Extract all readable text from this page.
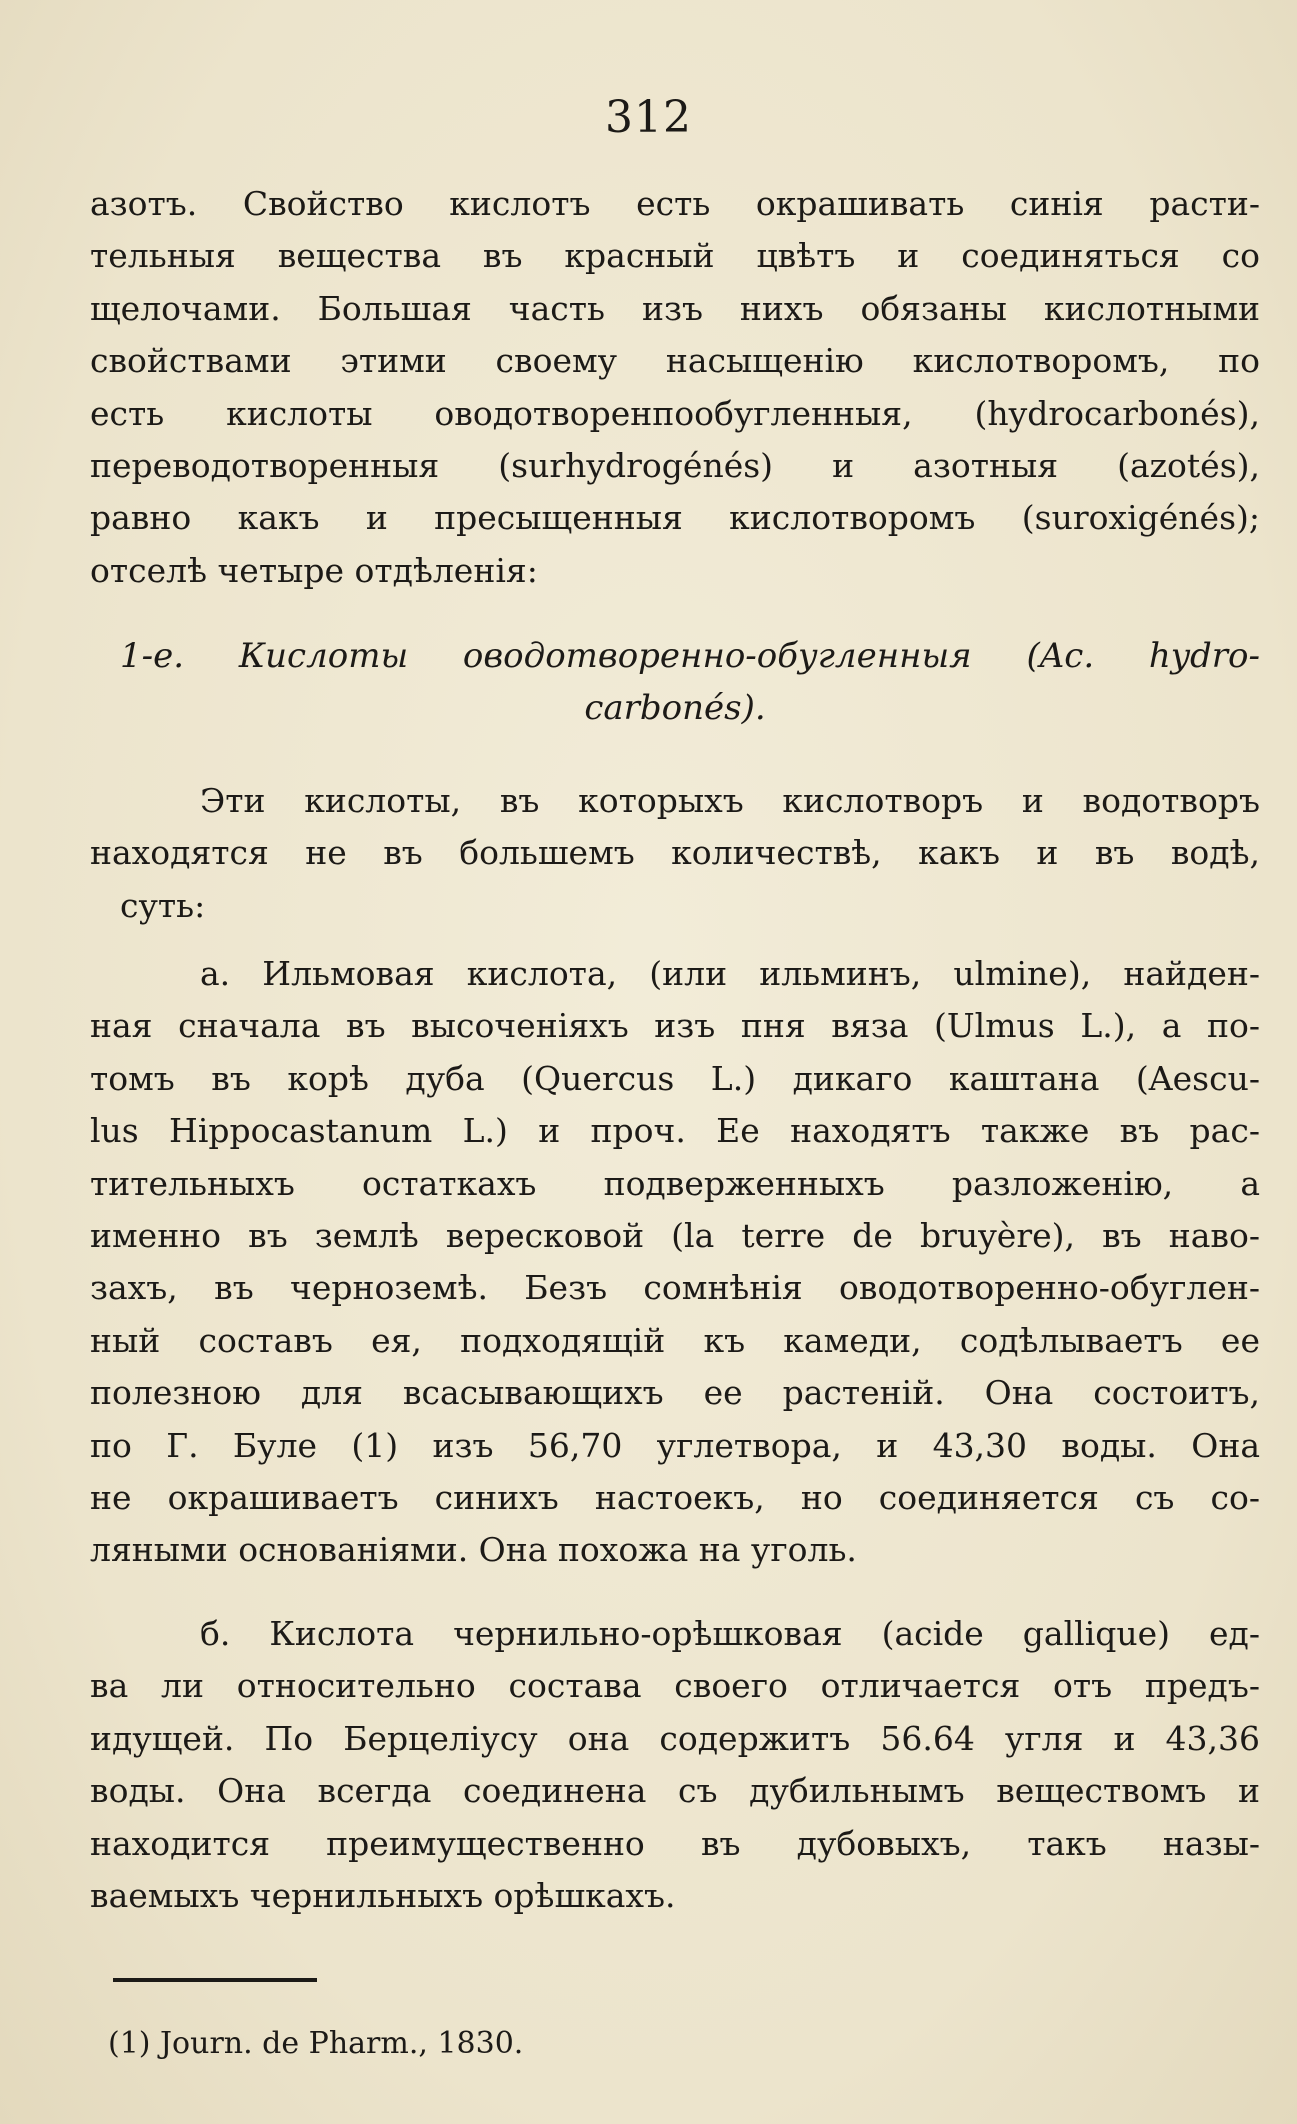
312
азотъ. Свойство кислотъ есть окрашивать синія расти-
тельныя вещества въ красный цвѣтъ и соединяться со
щелочами. Большая часть изъ нихъ обязаны кислотными
свойствами этими своему насыщенію кислотворомъ, по
есть кислоты оводотворенпообугленныя, (hydrocarbonés),
переводотворенныя (surhydrogénés) и азотныя (azotés),
равно какъ и пресыщенныя кислотворомъ (suroxigénés);
отселѣ четыре отдѣленія:
1-е. Кислоты оводотворенно-обугленныя (Ac. hydro-
carbonés).
Эти кислоты, въ которыхъ кислотворъ и водотворъ
находятся не въ большемъ количествѣ, какъ и въ водѣ,
суть:
а. Ильмовая кислота, (или ильминъ, ulmine), найден-
ная сначала въ высоченіяхъ изъ пня вяза (Ulmus L.), а по-
томъ въ корѣ дуба (Quercus L.) дикаго каштана (Aescu-
lus Hippocastanum L.) и проч. Ее находятъ также въ рас-
тительныхъ остаткахъ подверженныхъ разложенію, а
именно въ землѣ вересковой (la terre de bruyère), въ наво-
захъ, въ черноземѣ. Безъ сомнѣнія оводотворенно-обуглен-
ный составъ ея, подходящій къ камеди, содѣлываетъ ее
полезною для всасывающихъ ее растеній. Она состоитъ,
по Г. Буле (1) изъ 56,70 углетвора, и 43,30 воды. Она
не окрашиваетъ синихъ настоекъ, но соединяется съ со-
ляными основаніями. Она похожа на уголь.
б. Кислота чернильно-орѣшковая (acide gallique) ед-
ва ли относительно состава своего отличается отъ предъ-
идущей. По Берцеліусу она содержитъ 56.64 угля и 43,36
воды. Она всегда соединена съ дубильнымъ веществомъ и
находится преимущественно въ дубовыхъ, такъ назы-
ваемыхъ чернильныхъ орѣшкахъ.
(1) Journ. de Pharm., 1830.
